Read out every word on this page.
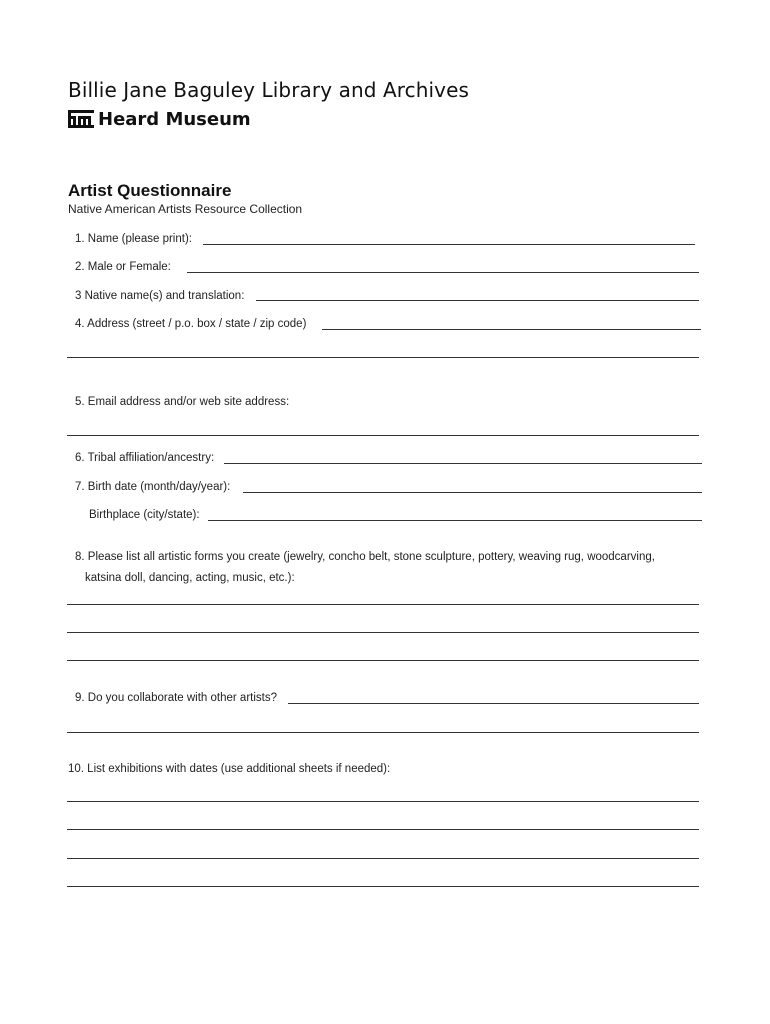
Billie Jane Baguley Library and Archives
Heard Museum
Artist Questionnaire
Native American Artists Resource Collection
1. Name (please print):
2. Male or Female:
3 Native name(s) and translation:
4. Address (street / p.o. box / state / zip code)
5. Email address and/or web site address:
6. Tribal affiliation/ancestry:
7. Birth date (month/day/year):
Birthplace (city/state):
8. Please list all artistic forms you create (jewelry, concho belt, stone sculpture, pottery, weaving rug, woodcarving,
katsina doll, dancing, acting, music, etc.):
9. Do you collaborate with other artists?
10. List exhibitions with dates (use additional sheets if needed):
